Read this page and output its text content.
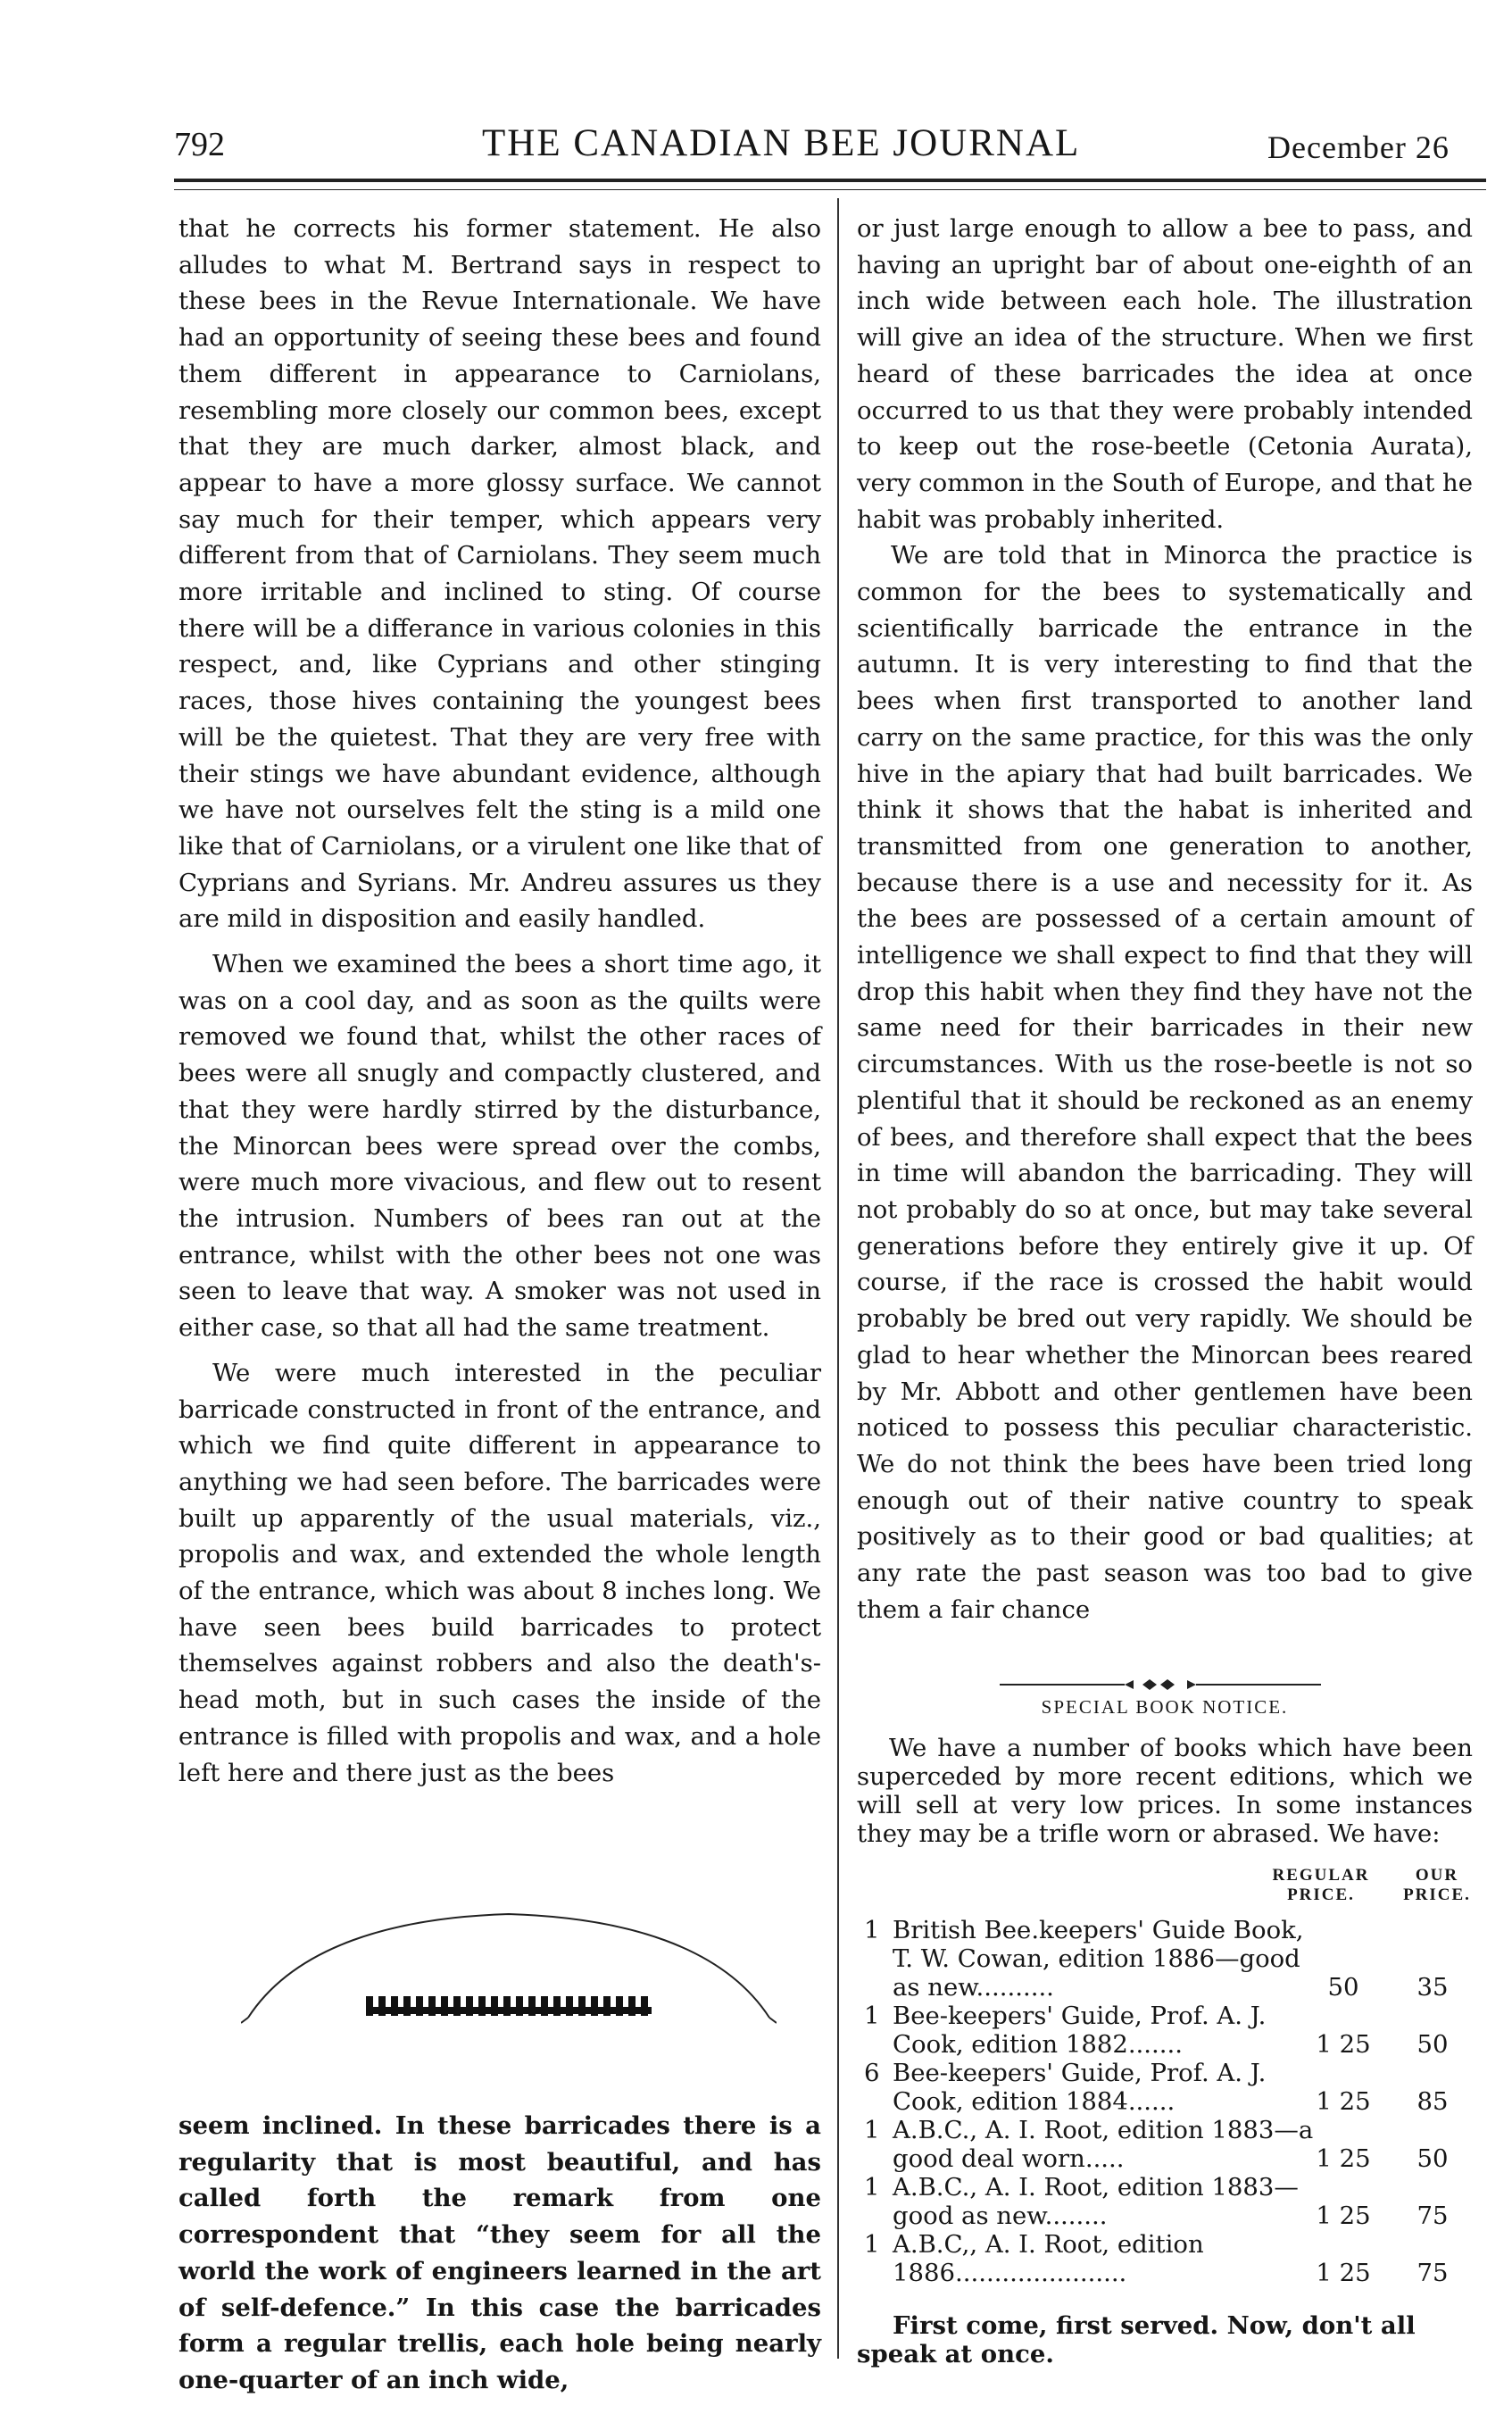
792	THE CANADIAN BEE JOURNAL	December 26

that he corrects his former statement. He also alludes to what M. Bertrand says in respect to these bees in the Revue Internationale. We have had an opportunity of seeing these bees and found them different in appearance to Carniolans, resembling more closely our common bees, except that they are much darker, almost black, and appear to have a more glossy surface. We cannot say much for their temper, which appears very different from that of Carniolans. They seem much more irritable and inclined to sting. Of course there will be a differance in various colonies in this respect, and, like Cyprians and other stinging races, those hives containing the youngest bees will be the quietest. That they are very free with their stings we have abundant evidence, although we have not ourselves felt the sting is a mild one like that of Carniolans, or a virulent one like that of Cyprians and Syrians. Mr. Andreu assures us they are mild in disposition and easily handled.

When we examined the bees a short time ago, it was on a cool day, and as soon as the quilts were removed we found that, whilst the other races of bees were all snugly and compactly clustered, and that they were hardly stirred by the disturbance, the Minorcan bees were spread over the combs, were much more vivacious, and flew out to resent the intrusion. Numbers of bees ran out at the entrance, whilst with the other bees not one was seen to leave that way. A smoker was not used in either case, so that all had the same treatment.

We were much interested in the peculiar barricade constructed in front of the entrance, and which we find quite different in appearance to anything we had seen before. The barricades were built up apparently of the usual materials, viz., propolis and wax, and extended the whole length of the entrance, which was about 8 inches long. We have seen bees build barricades to protect themselves against robbers and also the death's-head moth, but in such cases the inside of the entrance is filled with propolis and wax, and a hole left here and there just as the bees

seem inclined. In these barricades there is a regularity that is most beautiful, and has called forth the remark from one correspondent that “they seem for all the world the work of engineers learned in the art of self-defence.” In this case the barricades form a regular trellis, each hole being nearly one-quarter of an inch wide,

or just large enough to allow a bee to pass, and having an upright bar of about one-eighth of an inch wide between each hole. The illustration will give an idea of the structure. When we first heard of these barricades the idea at once occurred to us that they were probably intended to keep out the rose-beetle (Cetonia Aurata), very common in the South of Europe, and that he habit was probably inherited.

We are told that in Minorca the practice is common for the bees to systematically and scientifically barricade the entrance in the autumn. It is very interesting to find that the bees when first transported to another land carry on the same practice, for this was the only hive in the apiary that had built barricades. We think it shows that the habat is inherited and transmitted from one generation to another, because there is a use and necessity for it. As the bees are possessed of a certain amount of intelligence we shall expect to find that they will drop this habit when they find they have not the same need for their barricades in their new circumstances. With us the rose-beetle is not so plentiful that it should be reckoned as an enemy of bees, and therefore shall expect that the bees in time will abandon the barricading. They will not probably do so at once, but may take several generations before they entirely give it up. Of course, if the race is crossed the habit would probably be bred out very rapidly. We should be glad to hear whether the Minorcan bees reared by Mr. Abbott and other gentlemen have been noticed to possess this peculiar characteristic. We do not think the bees have been tried long enough out of their native country to speak positively as to their good or bad qualities; at any rate the past season was too bad to give them a fair chance

SPECIAL BOOK NOTICE.

We have a number of books which have been superceded by more recent editions, which we will sell at very low prices. In some instances they may be a trifle worn or abrased. We have:

REGULAR PRICE.
OUR PRICE.
1 British Bee.keepers' Guide Book, T. W. Cowan, edition 1886—good as new..........	50	35
1 Bee-keepers' Guide, Prof. A. J. Cook, edition 1882.......	1 25	50
6 Bee-keepers' Guide, Prof. A. J. Cook, edition 1884......	1 25	85
1 A.B.C., A. I. Root, edition 1883—a good deal worn.....	1 25	50
1 A.B.C., A. I. Root, edition 1883—good as new........	1 25	75
1 A.B.C,, A. I. Root, edition 1886......................	1 25	75

First come, first served. Now, don't all speak at once.
